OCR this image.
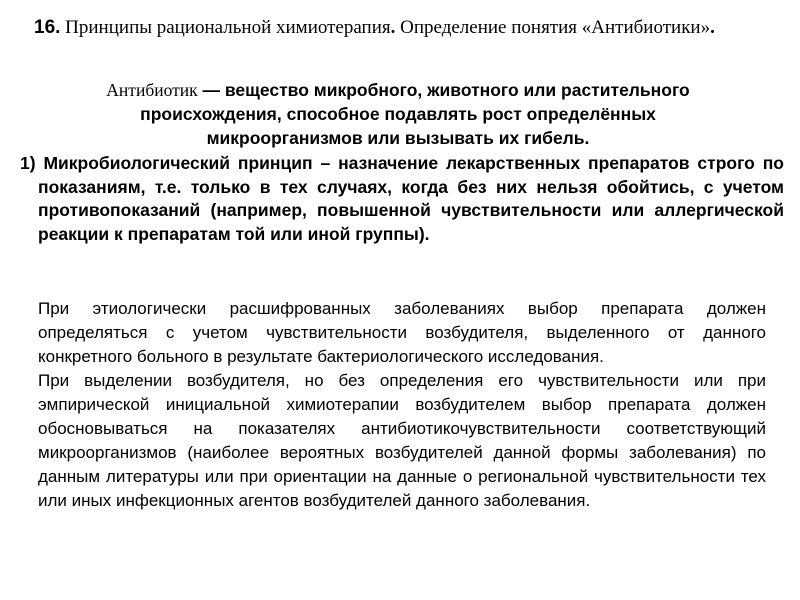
16. Принципы рациональной химиотерапия. Определение понятия «Антибиотики».
Антибиотик — вещество микробного, животного или растительного происхождения, способное подавлять рост определённых микроорганизмов или вызывать их гибель.
1) Микробиологический принцип – назначение лекарственных препаратов строго по показаниям, т.е. только в тех случаях, когда без них нельзя обойтись, с учетом противопоказаний (например, повышенной чувствительности или аллергической реакции к препаратам той или иной группы).

При этиологически расшифрованных заболеваниях выбор препарата должен определяться с учетом чувствительности возбудителя, выделенного от данного конкретного больного в результате бактериологического исследования.

При выделении возбудителя, но без определения его чувствительности или при эмпирической инициальной химиотерапии возбудителем выбор препарата должен обосновываться на показателях антибиотикочувствительности соответствующий микроорганизмов (наиболее вероятных возбудителей данной формы заболевания) по данным литературы или при ориентации на данные о региональной чувствительности тех или иных инфекционных агентов возбудителей данного заболевания.
